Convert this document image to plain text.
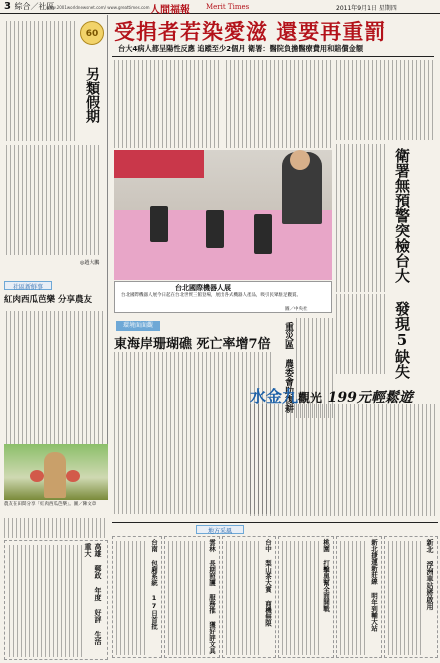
3 綜合／社區
www.2001worldnewsnet.com/ www.greattimes.com 人間福報 Merit Times	2011年9月1日 星期四
60
另類假期
◎趙大鵬
社區新鮮事
紅肉西瓜芭樂 分享農友
農友在田間分享「紅肉西瓜芭樂」。圖／陳文章
受捐者若染愛滋 還要再重罰
台大4病人都呈陽性反應 追蹤至少2個月 衛署：醫院負擔醫療費用和賠償金額
台北國際機器人展
台北國際機器人展今日起在台北世貿三館登場，展出各式機器人產品，吸引民眾駐足觀賞。
圖／中央社	衛署無預警突檢台大 發現5缺失
環境面面觀
東海岸珊瑚礁 死亡率增7倍 重災區 農委會助復耕
水金九觀光 199元輕鬆遊
地方采風
新北 浮洲車站將啟用
新北捷運新莊線 明年到輔大站
桃園 打擊黑幫全面開戰
台中 梨山茶大賞 商機無限
雲林 長期照護 服務推 獲好評文具
台南 包廂系統 17日首批
高雄 郵政 年度 好評 生活 重大
